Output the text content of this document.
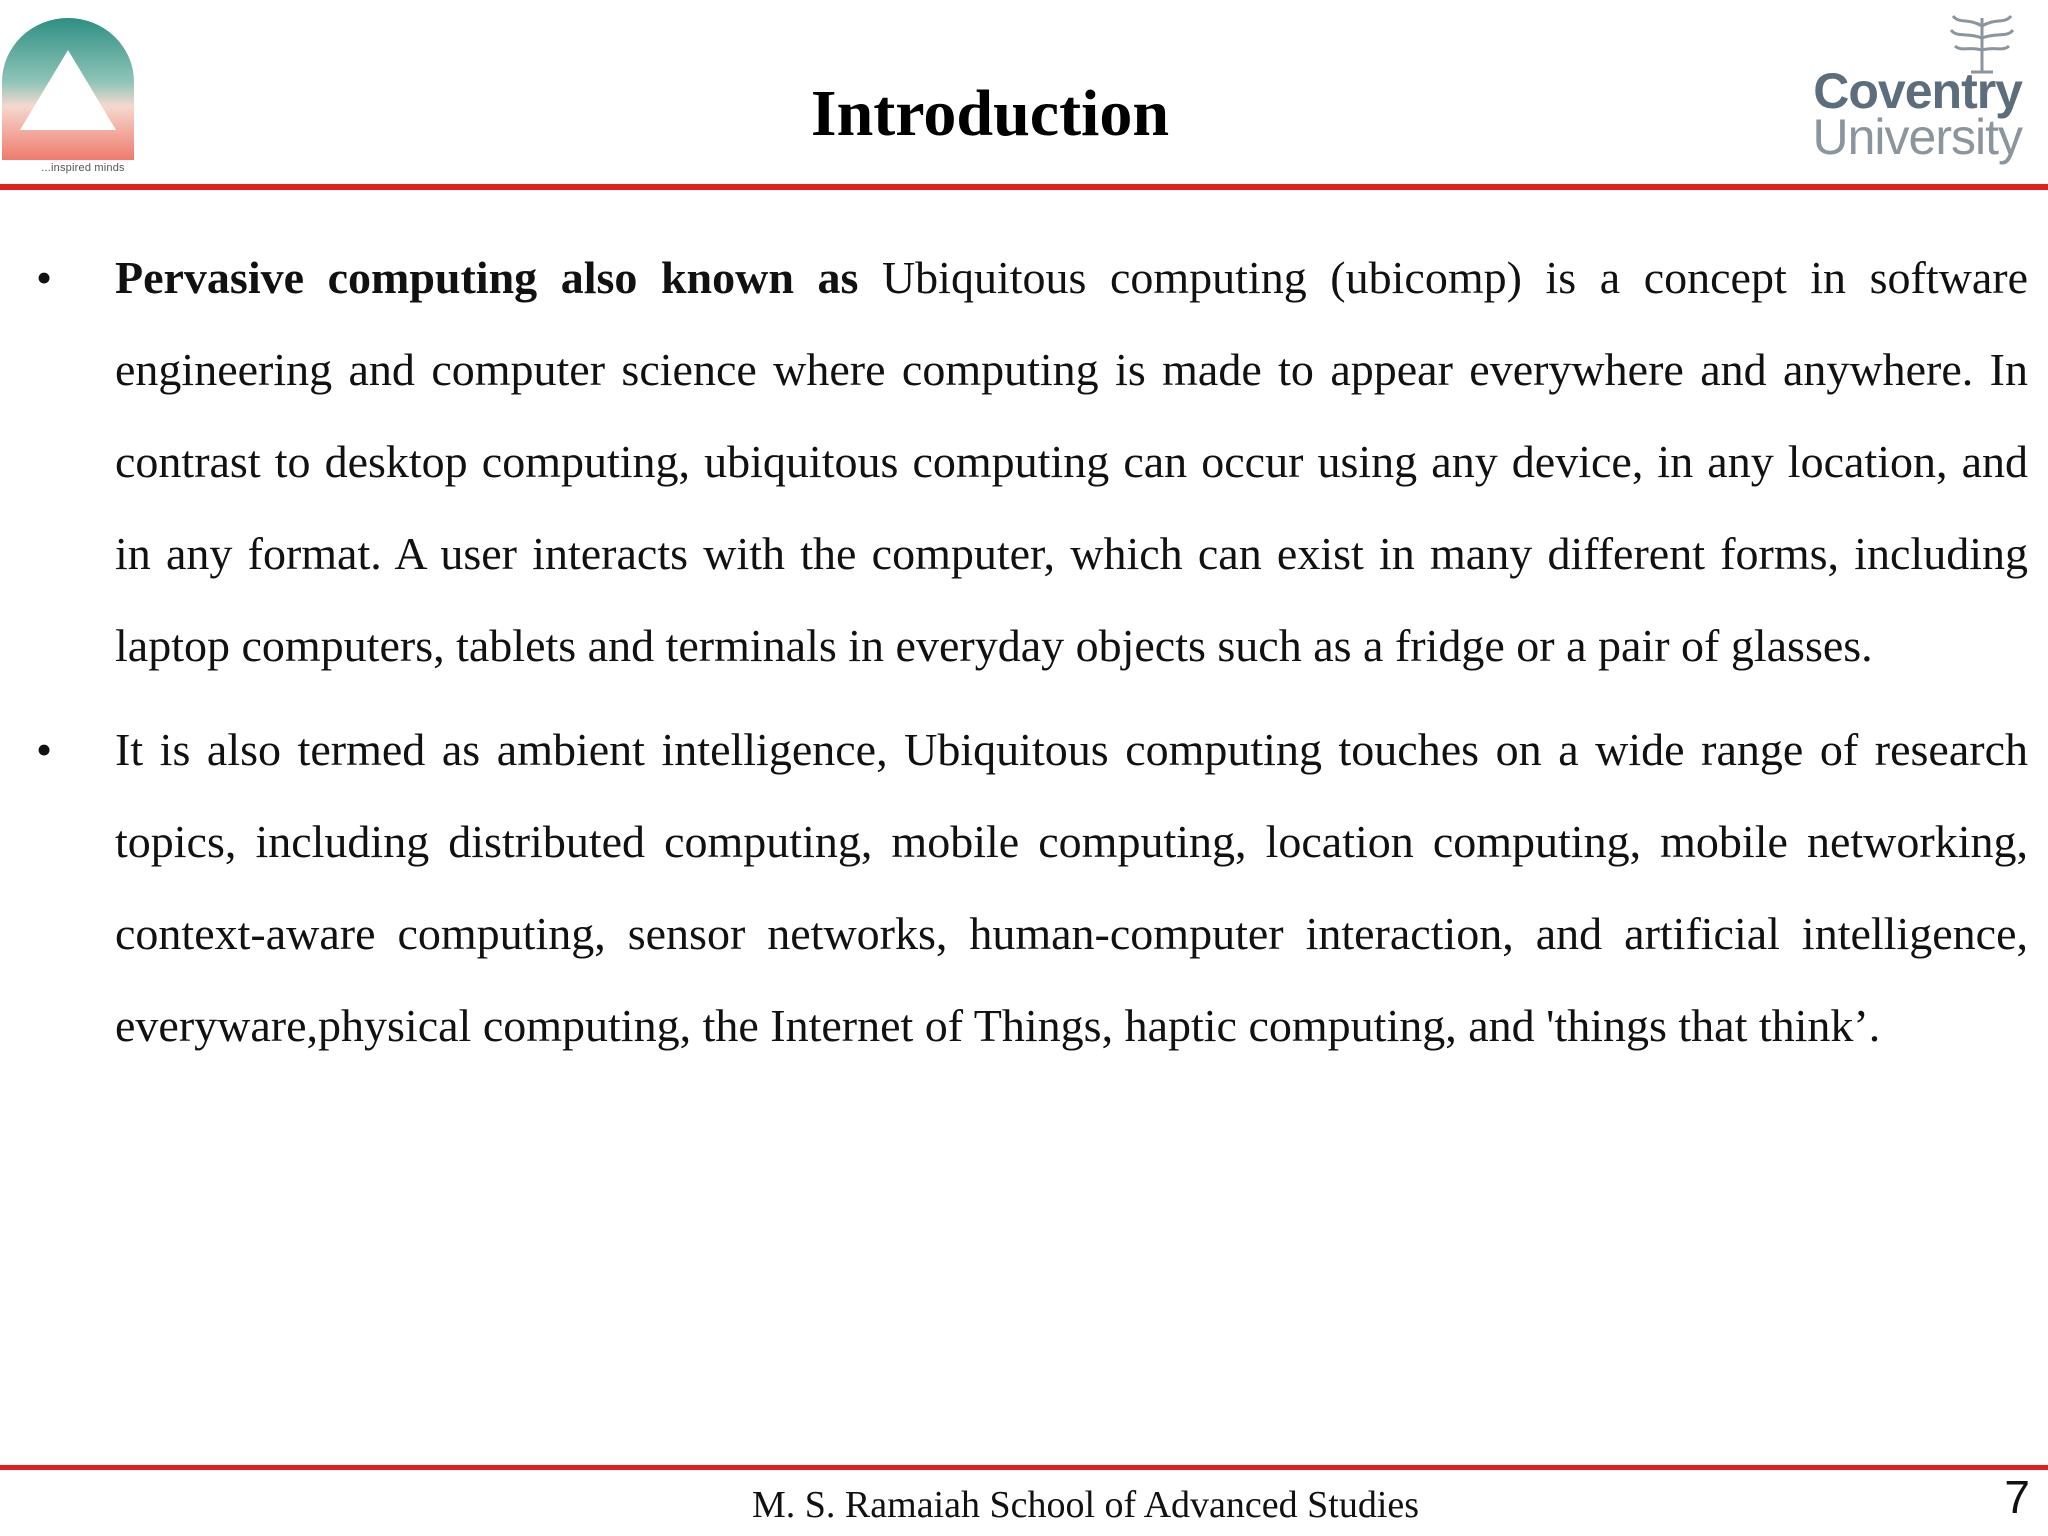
...inspired minds
Introduction	Coventry
University
• Pervasive computing also known as Ubiquitous computing (ubicomp) is a concept in software engineering and computer science where computing is made to appear everywhere and anywhere. In contrast to desktop computing, ubiquitous computing can occur using any device, in any location, and in any format. A user interacts with the computer, which can exist in many different forms, including laptop computers, tablets and terminals in everyday objects such as a fridge or a pair of glasses.

• It is also termed as ambient intelligence, Ubiquitous computing touches on a wide range of research topics, including distributed computing, mobile computing, location computing, mobile networking, context-aware computing, sensor networks, human-computer interaction, and artificial intelligence, everyware,physical computing, the Internet of Things, haptic computing, and 'things that think’.

M. S. Ramaiah School of Advanced Studies	7
